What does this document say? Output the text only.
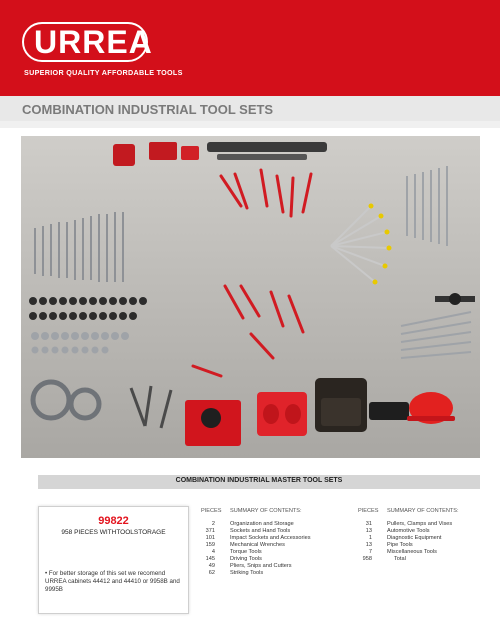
URREA
SUPERIOR QUALITY AFFORDABLE TOOLS
COMBINATION INDUSTRIAL TOOL SETS
COMBINATION INDUSTRIAL MASTER TOOL SETS
99822
958 PIECES WITHTOOLSTORAGE
• For better storage of this set we recomend URREA cabinets 44412 and 44410 or 9958B and 9995B
PIECES SUMMARY OF CONTENTS:	PIECES SUMMARY OF CONTENTS:
2	Organization and Storage
371	Sockets and Hand Tools
101	Impact Sockets and Accessories
159	Mechanical Wrenches
4	Torque Tools
145	Driving Tools
49	Pliers, Snips and Cutters
62	Striking Tools
31	Pullers, Clamps and Vises
13	Automotive Tools
1	Diagnostic Equipment
13	Pipe Tools
7	Miscellaneous Tools
958	Total
